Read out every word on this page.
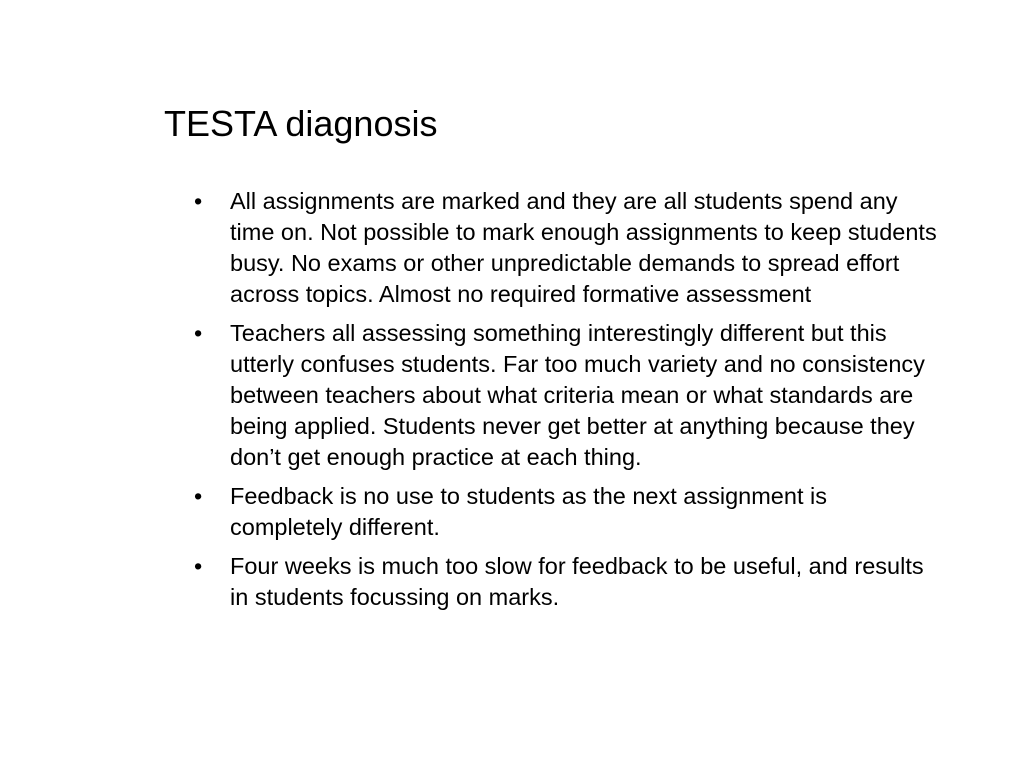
TESTA diagnosis
• All assignments are marked and they are all students spend any time on. Not possible to mark enough assignments to keep students busy. No exams or other unpredictable demands to spread effort across topics. Almost no required formative assessment
• Teachers all assessing something interestingly different but this utterly confuses students. Far too much variety and no consistency between teachers about what criteria mean or what standards are being applied. Students never get better at anything because they don’t get enough practice at each thing.
• Feedback is no use to students as the next assignment is completely different.
• Four weeks is much too slow for feedback to be useful, and results in students focussing on marks.
